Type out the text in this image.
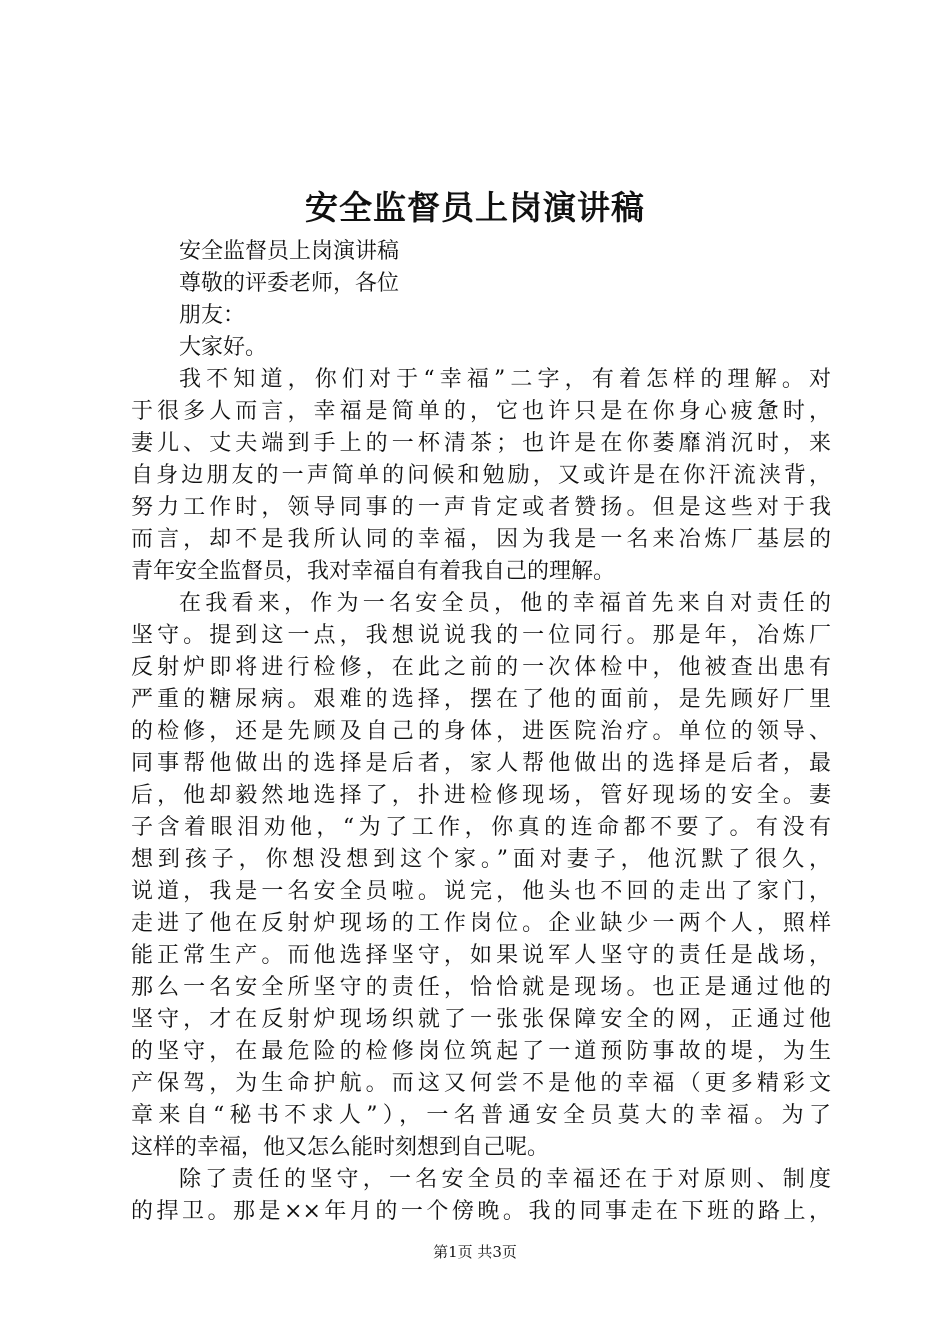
安全监督员上岗演讲稿
安全监督员上岗演讲稿
尊敬的评委老师，各位
朋友：
大家好。
我不知道，你们对于“幸福”二字，有着怎样的理解。对
于很多人而言，幸福是简单的，它也许只是在你身心疲惫时，
妻儿、丈夫端到手上的一杯清茶；也许是在你萎靡消沉时，来
自身边朋友的一声简单的问候和勉励，又或许是在你汗流浃背，
努力工作时，领导同事的一声肯定或者赞扬。但是这些对于我
而言，却不是我所认同的幸福，因为我是一名来冶炼厂基层的
青年安全监督员，我对幸福自有着我自己的理解。
在我看来，作为一名安全员，他的幸福首先来自对责任的
坚守。提到这一点，我想说说我的一位同行。那是年，冶炼厂
反射炉即将进行检修，在此之前的一次体检中，他被查出患有
严重的糖尿病。艰难的选择，摆在了他的面前，是先顾好厂里
的检修，还是先顾及自己的身体，进医院治疗。单位的领导、
同事帮他做出的选择是后者，家人帮他做出的选择是后者，最
后，他却毅然地选择了，扑进检修现场，管好现场的安全。妻
子含着眼泪劝他，“为了工作，你真的连命都不要了。有没有
想到孩子，你想没想到这个家。”面对妻子，他沉默了很久，
说道，我是一名安全员啦。说完，他头也不回的走出了家门，
走进了他在反射炉现场的工作岗位。企业缺少一两个人，照样
能正常生产。而他选择坚守，如果说军人坚守的责任是战场，
那么一名安全所坚守的责任，恰恰就是现场。也正是通过他的
坚守，才在反射炉现场织就了一张张保障安全的网，正通过他
的坚守，在最危险的检修岗位筑起了一道预防事故的堤，为生
产保驾，为生命护航。而这又何尝不是他的幸福（更多精彩文
章来自“秘书不求人”），一名普通安全员莫大的幸福。为了
这样的幸福，他又怎么能时刻想到自己呢。
除了责任的坚守，一名安全员的幸福还在于对原则、制度
的捍卫。那是××年月的一个傍晚。我的同事走在下班的路上，
第1页 共3页
